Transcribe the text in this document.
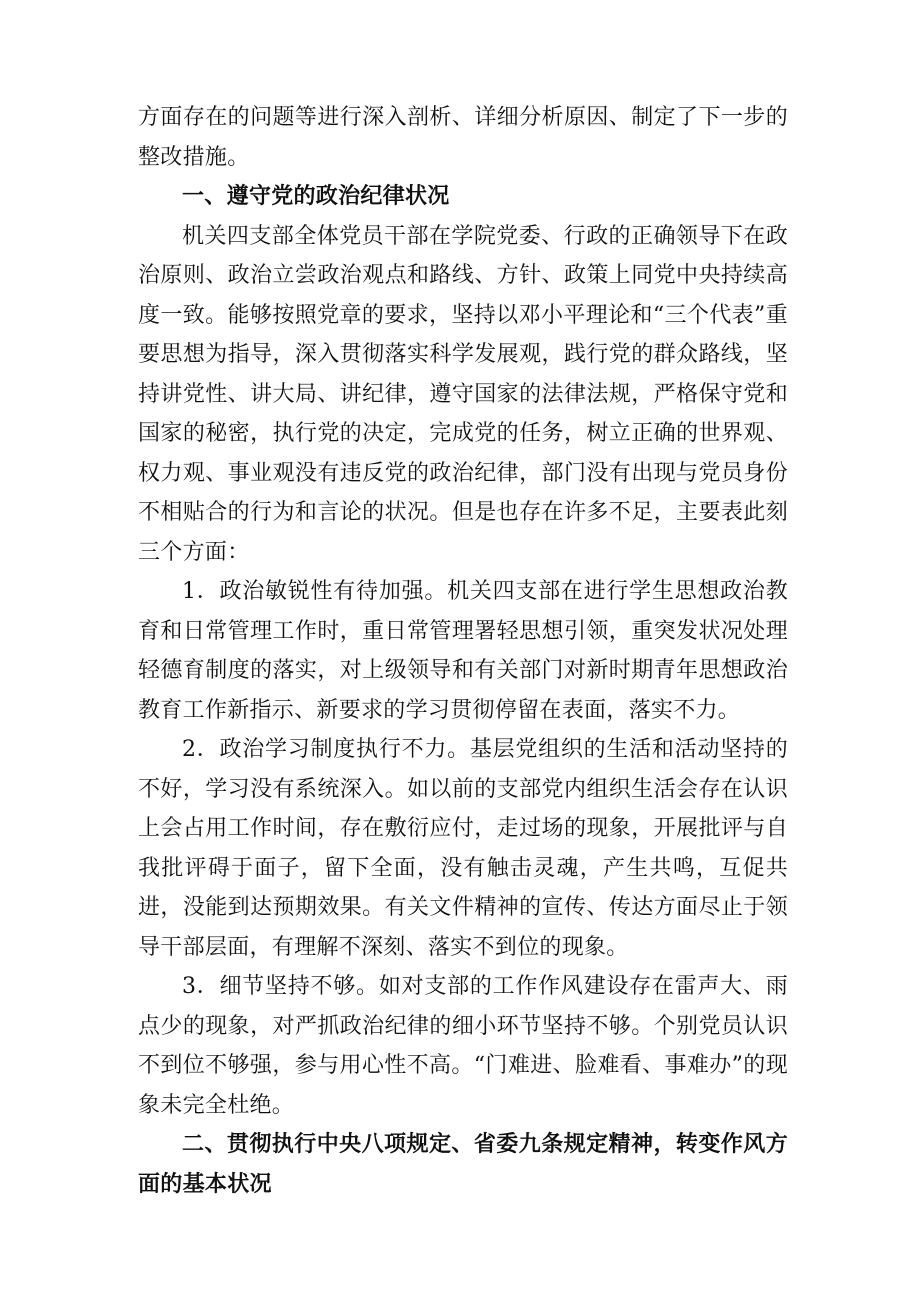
方面存在的问题等进行深入剖析、详细分析原因、制定了下一步的整改措施。

一、遵守党的政治纪律状况

机关四支部全体党员干部在学院党委、行政的正确领导下在政治原则、政治立尝政治观点和路线、方针、政策上同党中央持续高度一致。能够按照党章的要求，坚持以邓小平理论和“三个代表”重要思想为指导，深入贯彻落实科学发展观，践行党的群众路线，坚持讲党性、讲大局、讲纪律，遵守国家的法律法规，严格保守党和国家的秘密，执行党的决定，完成党的任务，树立正确的世界观、权力观、事业观没有违反党的政治纪律，部门没有出现与党员身份不相贴合的行为和言论的状况。但是也存在许多不足，主要表此刻三个方面：

1．政治敏锐性有待加强。机关四支部在进行学生思想政治教育和日常管理工作时，重日常管理署轻思想引领，重突发状况处理轻德育制度的落实，对上级领导和有关部门对新时期青年思想政治教育工作新指示、新要求的学习贯彻停留在表面，落实不力。

2．政治学习制度执行不力。基层党组织的生活和活动坚持的不好，学习没有系统深入。如以前的支部党内组织生活会存在认识上会占用工作时间，存在敷衍应付，走过场的现象，开展批评与自我批评碍于面子，留下全面，没有触击灵魂，产生共鸣，互促共进，没能到达预期效果。有关文件精神的宣传、传达方面尽止于领导干部层面，有理解不深刻、落实不到位的现象。

3．细节坚持不够。如对支部的工作作风建设存在雷声大、雨点少的现象，对严抓政治纪律的细小环节坚持不够。个别党员认识不到位不够强，参与用心性不高。“门难进、脸难看、事难办”的现象未完全杜绝。

二、贯彻执行中央八项规定、省委九条规定精神，转变作风方面的基本状况
